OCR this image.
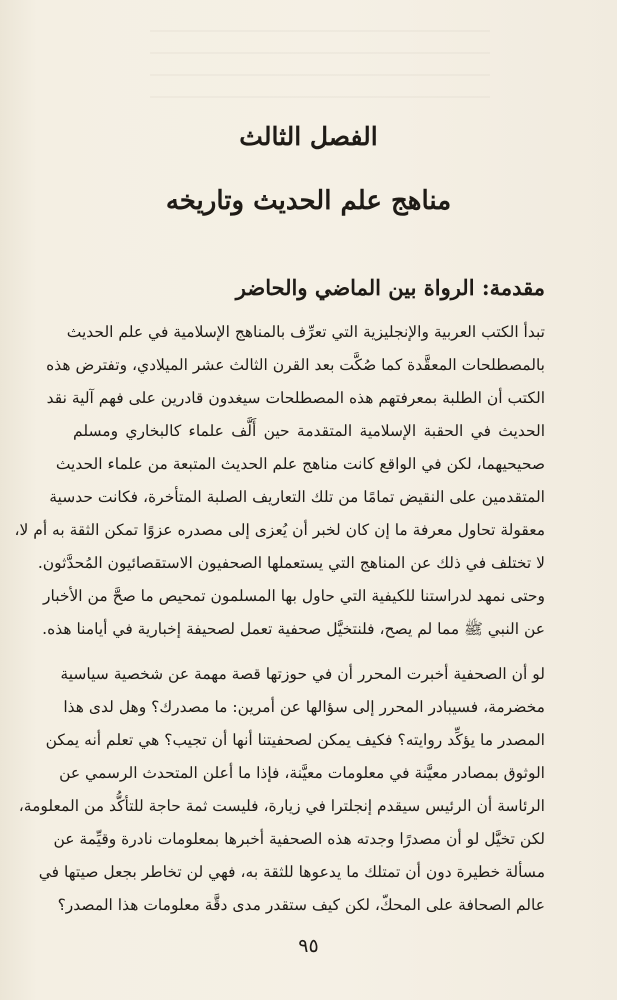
الفصل الثالث
مناهج علم الحديث وتاريخه
مقدمة: الرواة بين الماضي والحاضر
تبدأ الكتب العربية والإنجليزية التي تعرِّف بالمناهج الإسلامية في علم الحديث
بالمصطلحات المعقَّدة كما صُكَّت بعد القرن الثالث عشر الميلادي، وتفترض هذه
الكتب أن الطلبة بمعرفتهم هذه المصطلحات سيغدون قادرين على فهم آلية نقد
الحديث في الحقبة الإسلامية المتقدمة حين أَلَّف علماء كالبخاري ومسلم
صحيحيهما، لكن في الواقع كانت مناهج علم الحديث المتبعة من علماء الحديث
المتقدمين على النقيض تمامًا من تلك التعاريف الصلبة المتأخرة، فكانت حدسية
معقولة تحاول معرفة ما إن كان لخبر أن يُعزى إلى مصدره عزوًا تمكن الثقة به أم لا،
لا تختلف في ذلك عن المناهج التي يستعملها الصحفيون الاستقصائيون المُحدَّثون.
وحتى نمهد لدراستنا للكيفية التي حاول بها المسلمون تمحيص ما صحَّ من الأخبار
عن النبي ﷺ مما لم يصح، فلنتخيَّل صحفية تعمل لصحيفة إخبارية في أيامنا هذه.
لو أن الصحفية أخبرت المحرر أن في حوزتها قصة مهمة عن شخصية سياسية
مخضرمة، فسيبادر المحرر إلى سؤالها عن أمرين: ما مصدرك؟ وهل لدى هذا
المصدر ما يؤكِّد روايته؟ فكيف يمكن لصحفيتنا أنها أن تجيب؟ هي تعلم أنه يمكن
الوثوق بمصادر معيَّنة في معلومات معيَّنة، فإذا ما أعلن المتحدث الرسمي عن
الرئاسة أن الرئيس سيقدم إنجلترا في زيارة، فليست ثمة حاجة للتأكُّد من المعلومة،
لكن تخيَّل لو أن مصدرًا وجدته هذه الصحفية أخبرها بمعلومات نادرة وقيِّمة عن
مسألة خطيرة دون أن تمتلك ما يدعوها للثقة به، فهي لن تخاطر بجعل صيتها في
عالم الصحافة على المحكّ، لكن كيف ستقدر مدى دقَّة معلومات هذا المصدر؟
٩٥
